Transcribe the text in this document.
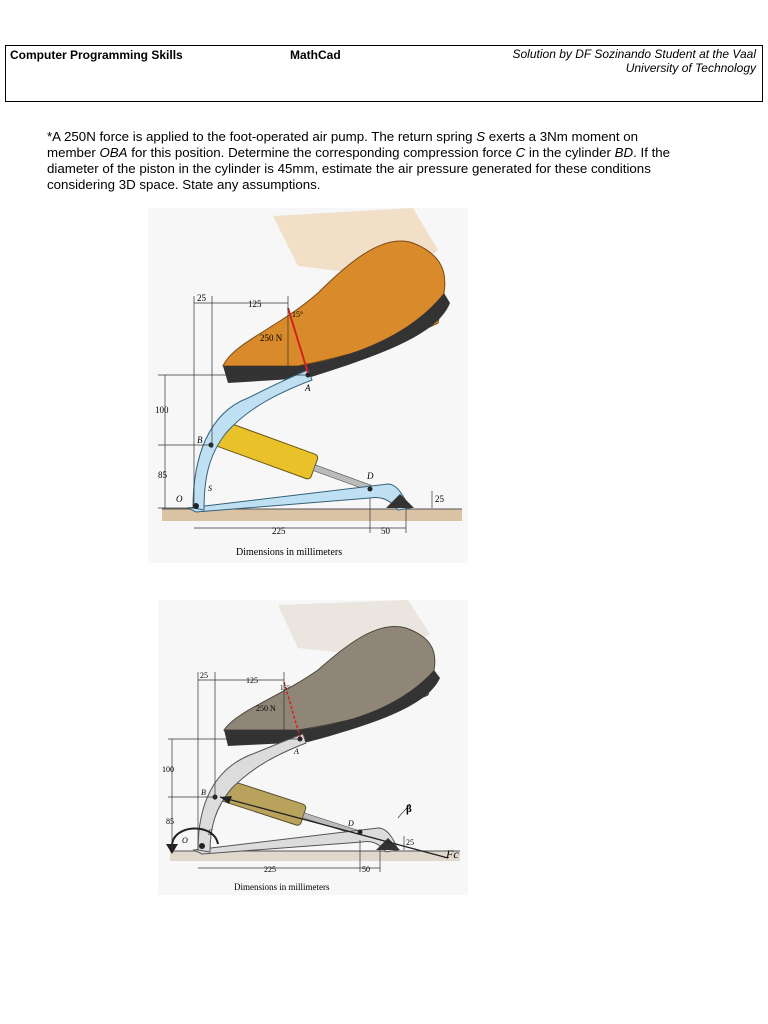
Computer Programming Skills	MathCad	Solution by DF Sozinando Student at the Vaal
University of Technology
*A 250N force is applied to the foot-operated air pump. The return spring S exerts a 3Nm moment on member OBA for this position. Determine the corresponding compression force C in the cylinder BD. If the diameter of the piston in the cylinder is 45mm, estimate the air pressure generated for these conditions considering 3D space. State any assumptions.
25
125
15°
250 N
A
B
D
O
S
100
85
25
225	50
Dimensions in millimeters
25
125
15°
250 N
A
B
D
O
S
β
Fc
100
85
25
225	50
Dimensions in millimeters
